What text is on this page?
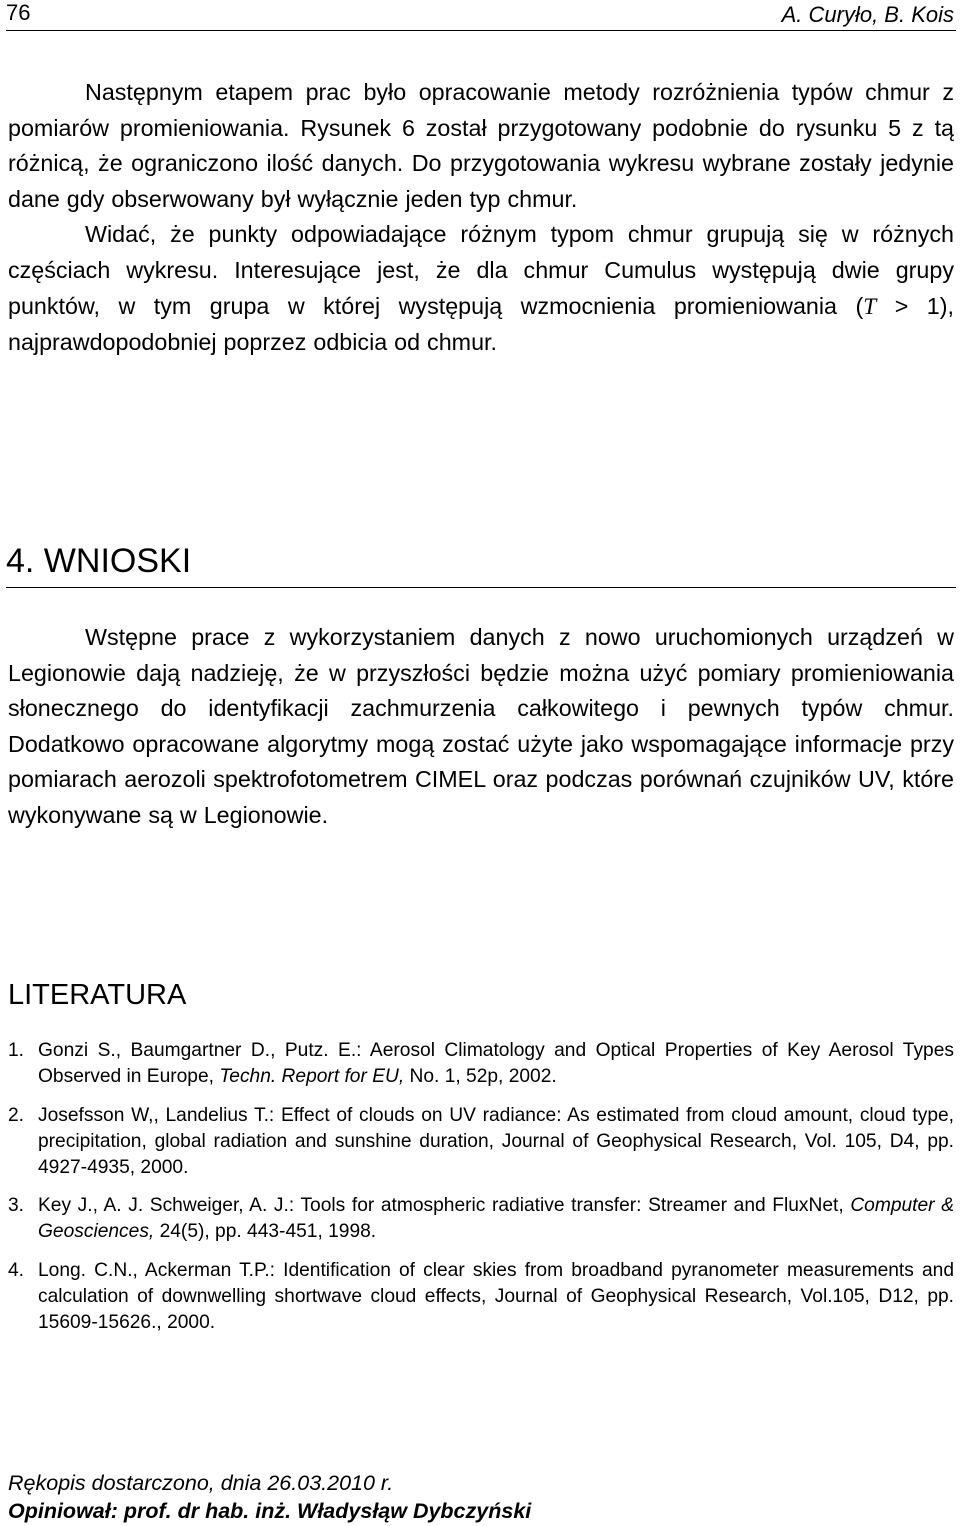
76	A. Curyło, B. Kois

Następnym etapem prac było opracowanie metody rozróżnienia typów chmur z pomiarów promieniowania. Rysunek 6 został przygotowany podobnie do rysunku 5 z tą różnicą, że ograniczono ilość danych. Do przygotowania wykresu wybrane zostały jedynie dane gdy obserwowany był wyłącznie jeden typ chmur.

Widać, że punkty odpowiadające różnym typom chmur grupują się w różnych częściach wykresu. Interesujące jest, że dla chmur Cumulus występują dwie grupy punktów, w tym grupa w której występują wzmocnienia promieniowania (T > 1), najprawdopodobniej poprzez odbicia od chmur.

4. WNIOSKI

Wstępne prace z wykorzystaniem danych z nowo uruchomionych urządzeń w Legionowie dają nadzieję, że w przyszłości będzie można użyć pomiary promieniowania słonecznego do identyfikacji zachmurzenia całkowitego i pewnych typów chmur. Dodatkowo opracowane algorytmy mogą zostać użyte jako wspomagające informacje przy pomiarach aerozoli spektrofotometrem CIMEL oraz podczas porównań czujników UV, które wykonywane są w Legionowie.

LITERATURA
1. Gonzi S., Baumgartner D., Putz. E.: Aerosol Climatology and Optical Properties of Key Aerosol Types Observed in Europe, Techn. Report for EU, No. 1, 52p, 2002.
2. Josefsson W,, Landelius T.: Effect of clouds on UV radiance: As estimated from cloud amount, cloud type, precipitation, global radiation and sunshine duration, Journal of Geophysical Research, Vol. 105, D4, pp. 4927-4935, 2000.
3. Key J., A. J. Schweiger, A. J.: Tools for atmospheric radiative transfer: Streamer and FluxNet, Computer & Geosciences, 24(5), pp. 443-451, 1998.
4. Long. C.N., Ackerman T.P.: Identification of clear skies from broadband pyranometer measurements and calculation of downwelling shortwave cloud effects, Journal of Geophysical Research, Vol.105, D12, pp. 15609-15626., 2000.
Rękopis dostarczono, dnia 26.03.2010 r.
Opiniował: prof. dr hab. inż. Władysłąw Dybczyński
